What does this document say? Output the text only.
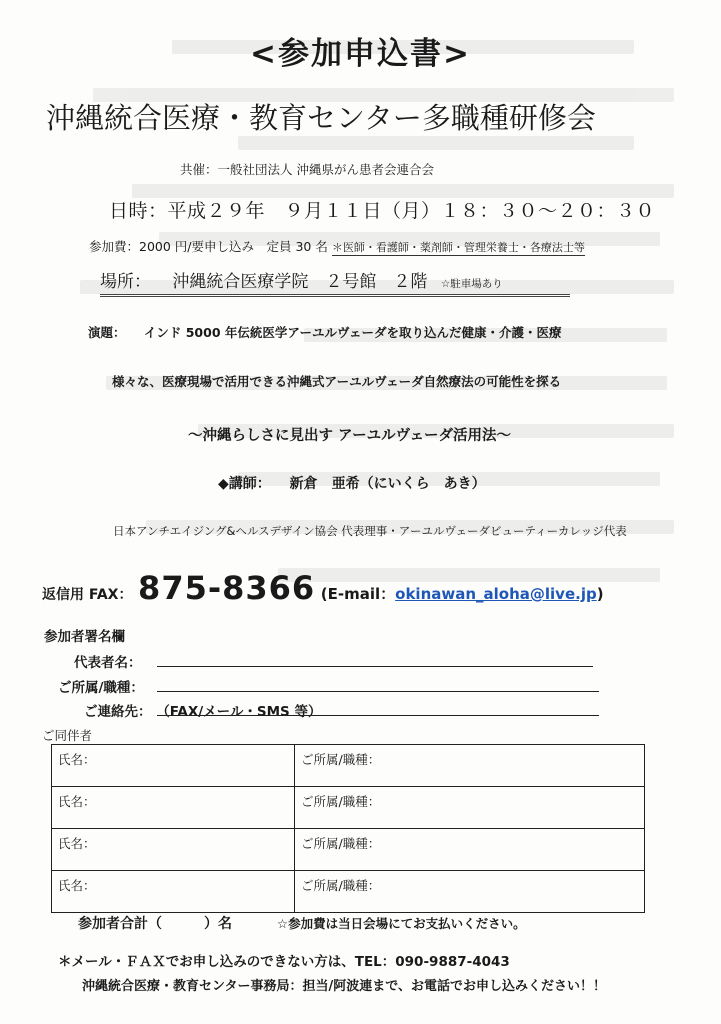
<参加申込書>
沖縄統合医療・教育センター多職種研修会
共催：一般社団法人 沖縄県がん患者会連合会
日時：平成２９年　９月１１日（月）１８：３０～２０：３０
参加費：2000 円/要申し込み　定員 30 名 ＊医師・看護師・薬剤師・管理栄養士・各療法士等
場所： 沖縄統合医療学院　２号館　２階 ☆駐車場あり
演題： インド 5000 年伝統医学アーユルヴェーダを取り込んだ健康・介護・医療
様々な、医療現場で活用できる沖縄式アーユルヴェーダ自然療法の可能性を探る
～沖縄らしさに見出す アーユルヴェーダ活用法～
◆講師： 新倉　亜希（にいくら　あき）
日本アンチエイジング&ヘルスデザイン協会 代表理事・アーユルヴェーダビューティーカレッジ代表
返信用 FAX： 875-8366 (E-mail：okinawan_aloha@live.jp)
参加者署名欄
代表者名：
ご所属/職種：
ご連絡先： （FAX/メール・SMS 等）
ご同伴者
氏名：	ご所属/職種：
氏名：	ご所属/職種：
氏名：	ご所属/職種：
氏名：	ご所属/職種：
参加者合計（　　　）名	☆参加費は当日会場にてお支払いください。
＊メール・ＦＡＸでお申し込みのできない方は、TEL：090-9887-4043
沖縄統合医療・教育センター事務局：担当/阿波連まで、お電話でお申し込みください！！
